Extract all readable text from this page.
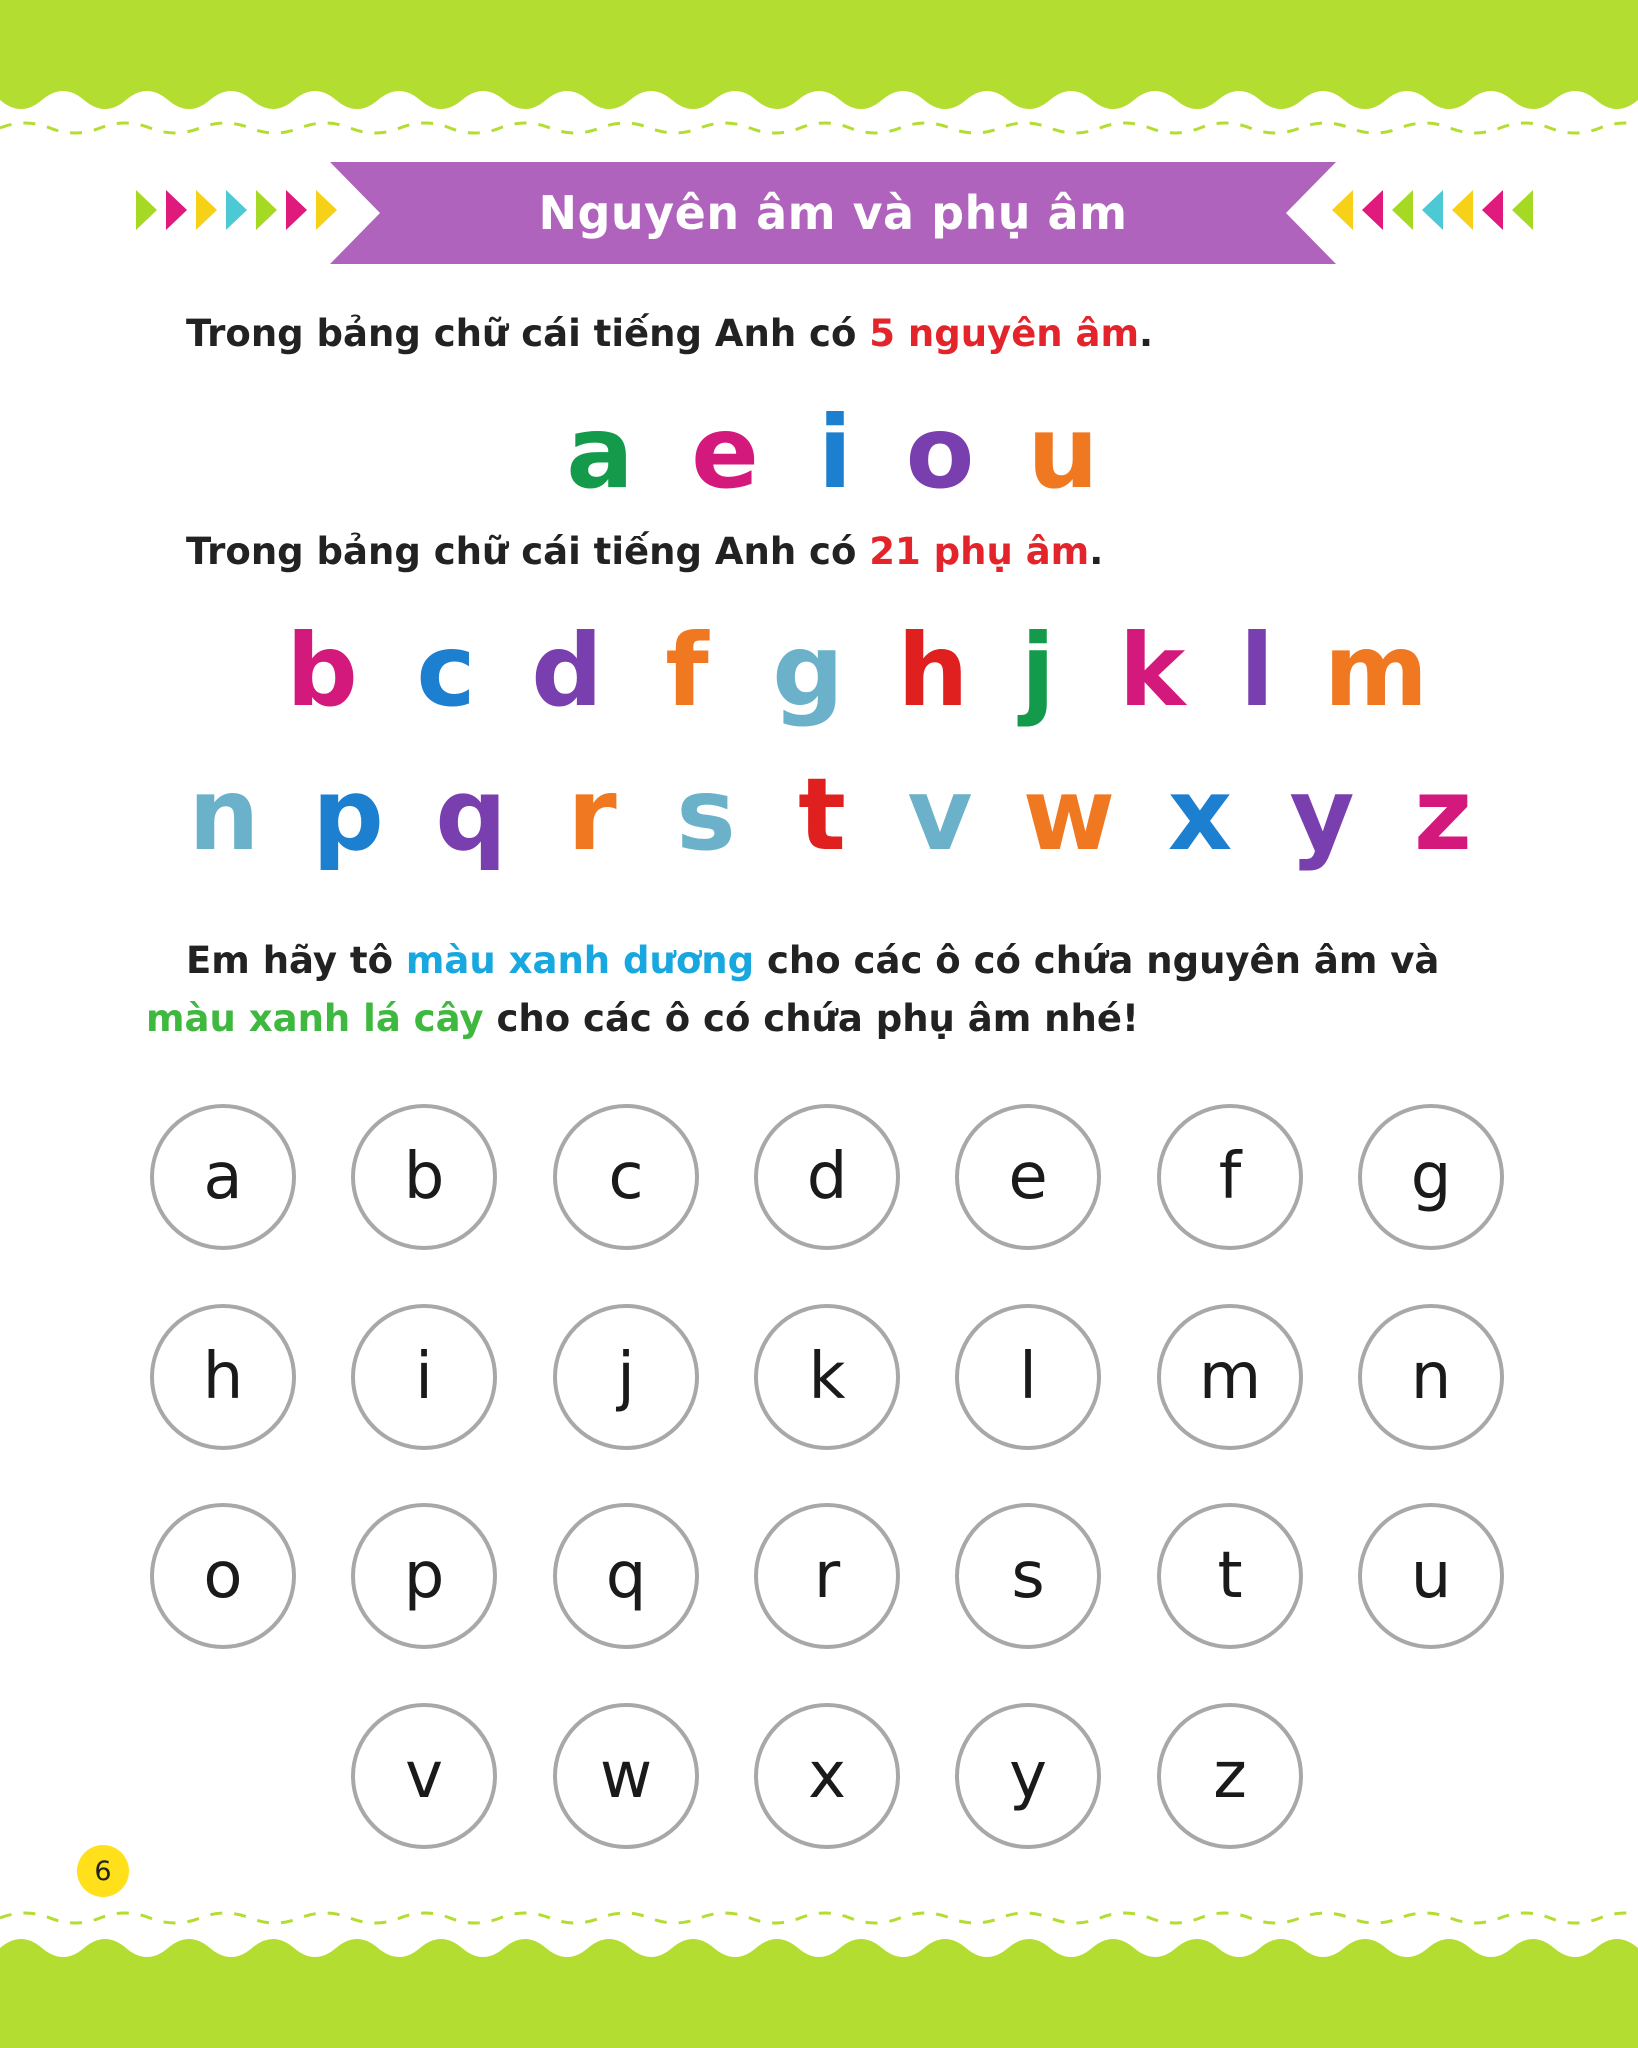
Nguyên âm và phụ âm
Trong bảng chữ cái tiếng Anh có 5 nguyên âm.
a e i o u
Trong bảng chữ cái tiếng Anh có 21 phụ âm.
b c d f g h j k l m
n p q r s t v w x y z
Em hãy tô màu xanh dương cho các ô có chứa nguyên âm và màu xanh lá cây cho các ô có chứa phụ âm nhé!
a	b	c	d	e	f	g
h	i	j	k	l	m n
o	p	q	r	s	t	u
v w x	y	z
6
